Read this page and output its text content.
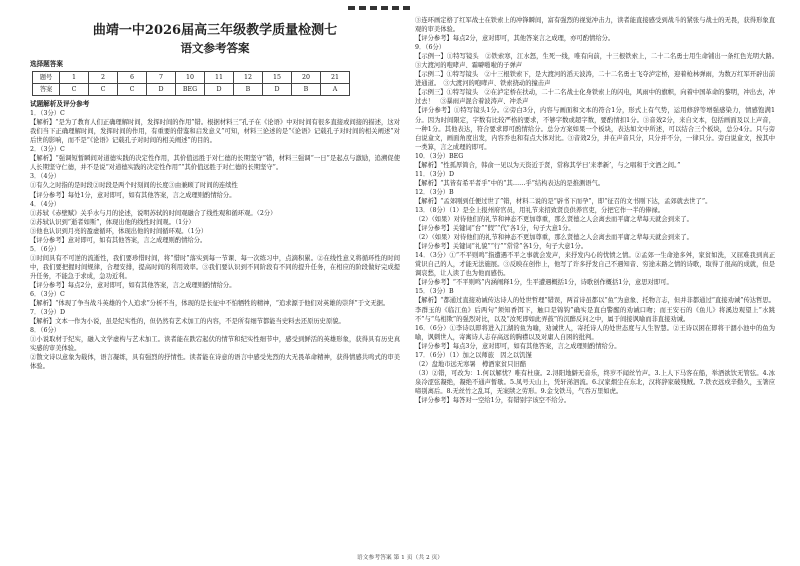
曲靖一中2026届高三年级教学质量检测七
语文参考答案
选择题答案
题号	1	2	6	7	10	11	12	15	20	21
答案	C	C	C	D	BEG	D	B	D	B	A
试题解析及评分参考

1．（3分）C

【解析】“是为了教育人们正确理解时间，发挥时间的作用”错。根据材料三“孔子在《论语》中对时间有很多直接或间接的描述，这对我们当下正确理解时间，发挥时间的作用，有重要的借鉴和启发意义”可知，材料三论述的是“《论语》记载孔子对时间的相关阐述”对后世的影响，而不是“《论语》记载孔子对时间的相关阐述”的目的。

2．（3分）C

【解析】“强调短暂瞬间对道德实践的决定性作用，其价值远胜于对仁德的长期坚守”错，材料三强调“一日”是起点与激励，追溯促使人长期坚守仁德，并不是说“对道德实践的决定性作用”“其价值远胜于对仁德的长期坚守”。

3．（4分）

①有久之时指的是时段②时段是两个时刻间的长度③由兼顾了时间的连续性

【评分参考】每处1分，意对即可，如有其他答案，言之成理则酌情给分。

4．（4分）

①苏轼《赤壁赋》关乎水与月的论述，说明苏轼的时间观融合了线性观和循环观。（2分）

②苏轼认识到“逝者如斯”，体现出他的线性时间观。（1分）

③他也认识到月亮的盈虚循环，体现出他的时间循环观。（1分）

【评分参考】意对即可，如有其他答案，言之成理则酌情给分。

5．（6分）

①时间具有不可逆的流逝性，我们要珍惜时间，将“惜时”落实到每一节课、每一次练习中，点滴积累。②在线性意义将循环性的时间中，我们要把握时间规律，合理安排，提高时间的利用效率。③我们要认识到不同阶段有不同的提升任务，在相应的阶段做好完成提升任务，不能急于求成，急功近利。

【评分参考】每点2分，意对即可，如有其他答案，言之成理则酌情给分。

6．（3分）C

【解析】“体现了争当战斗英雄的个人追求”分析不当，体现的是长征中不怕牺牲的精神，“追求源于他们对英雄的崇拜”于文无据。

7．（3分）D

【解析】文本一作为小说，虽是纪实性的，但仍然有艺术加工的内容，不是所有细节都能当史料去还原历史原貌。

8．（6分）

①小说取材于纪实，融入文学虚构与艺术加工。读者能在跌宕起伏的情节和纪实性细节中，感受到鲜活的英雄形象，获得具有历史真实感的审美体验。

②散文诗以意象为载体，语言凝练，具有强烈的抒情性。读者能在诗意的语言中感受先烈的大无畏革命精神，获得情感共鸣式的审美体验。

③连环画定格了红军战士在铁索上的冲锋瞬间，富有强烈的视觉冲击力，读者能直接感受到战斗的紧张与战士的无畏，获得形象直观的审美体验。

【评分参考】每点2分，意对即可，其他答案言之成理，亦可酌情给分。

9．（6分）

【示例一】①特写镜头　②铁索寒，江水怒，生死一线，唯有向前，十三根铁索上，二十二名勇士用生命铺出一条红色光明大路。　③大渡河的咆哮声、霜噼啪啦的子弹声

【示例二】①特写镜头　②十三根铁索下，是大渡河的滔天波涛，二十二名勇士飞夺泸定桥，迎着枪林弹雨，为数万红军开辟出前进通道。　③大渡河的咆哮声、铁索挠动的撞击声

【示例三】①特写镜头　②在泸定桥在扶动，二十二名战士化身铁索上的闪电，风雨中的旗帜，向着中国革命的黎明，冲出去，冲过去！　③暴雨声混合着波涛声、冲杀声

【评分参考】①特写镜头1分。②旁白3分，内容与画面和文本的符合1分，形式上有气势，运用修辞等增强感染力，情感饱满1分。因为时间限定，字数有比较严格的要求，不够字数或超字数，要酌情扣1分。③音效2分，来自文本，包括画面及以上声音，一种1分。其他表达，符合要求即可酌情给分。总分方案如果一个板块，表达如文中所述，可以结合三个板块，总分4分。只与旁白说盒文，画面角度出发，内容乔也和有点大体对比。③音效2分，并在声音只分，只分并不分，一律只分。旁白说盒文，按其中一类算，言之成理的即可。

10．（3分）BEG

【解析】“性孤厚简合，韩俞一见以为天资近于贤，常称其学曰‘来孝新’，与之唱和于文酒之间。”

11．（3分）D

【解析】“其皆有希平者乎”中的“其……乎”结构表达的是推测语气。

12．（3分）B

【解析】“孟郊刚到任便过世了”错，材料二说的是“辟书下而孕”，即“征召的文书刚下达，孟郊就去世了”。

13．（8分）（1）是全上报州府官员，用礼节来招致贤良供养官吏，分把它作一半的俸禄。

（2）（如果）对待他们的礼节和神态不更加尊重，那么贤德之人会离去而平庸之辈每天就会到来了。

【评分参考】关键词“台”“假”“代”各1分，句子大意1分。

（2）（如果）对待他们的礼节和神态不更加尊重，那么贤德之人会离去而平庸之辈每天就会到来了。

【评分参考】关键词“礼貌”“行”“常常”各1分，句子大意1分。

14．（3分）①“不平则鸣”指遭遇不平之事就会发声，来抒发内心的忧愤之情。②孟郊一生命途多舛，家贫如洗，又屈难我到真正赏识自己的人，才能无法施展。③反映在创作上，他写了许多抒发自己不遇知音、穷途末路之情的诗歌，取得了很高的成就，但是调哀愁，让人读了也为他而感伤。

【评分参考】“不平则鸣”内涵阐释1分，生平遭遇概括1分，诗歌创作概括1分，意思对即可。

15．（3分）B

【解析】“都通过直接劝诫传达诗人的处世哲理”错误，两首诗虽都以“鱼”为意象、托物言志，但并非都通过“直接劝诫”传达哲思。李群玉的《临江鱼》后两句“须知香饵下，触口是锦钩”确实是直白警醒的劝诫口吻；而王安石的《鱼儿》将溪边观望上“水跳不”与“鸟相欺”的强烈对比，以及“汝死即如此弄鼓”的沉醉反问之中，属于间接讽喻而非直接劝诫。

16．（6分）①李诗以即将进入江湖的鱼为喻，劝诫世人，寄托诗人的处世态度与人生智慧。②王诗以困在即将干涸小池中的鱼为喻，讽刺世人，寄寓诗人志存高远的胸襟以及对庸人自困的批判。

【评分参考】每点3分，意对即可，如有其他答案，言之成理则酌情给分。

17．（6分）（1）加之以师旅　因之以饥馑

（2）盘地市远无寒暑　樽酒家贫只旧醅

（3）②错，可改为：1.何以解忧？唯有杜康。2.浔阳地僻无音乐，终岁不闻丝竹声。3.上人下马客在船，举酒欲饮无管弦。4.冰泉冷涩弦凝绝，凝绝不通声暂歇。5.凤号天山上，凭轩涕泗流。6.汉家烟尘在东北，汉将辞家破残贼。7.铁衣远戍辛勤久，玉箸应啼别离后。8.无丝竹之乱耳，无案牍之劳形。9.金戈铁马，气吞万里如虎。

【评分参考】每答对一空给1分，有错别字该空不给分。

语文参考答案 第 1 页（共 2 页）
